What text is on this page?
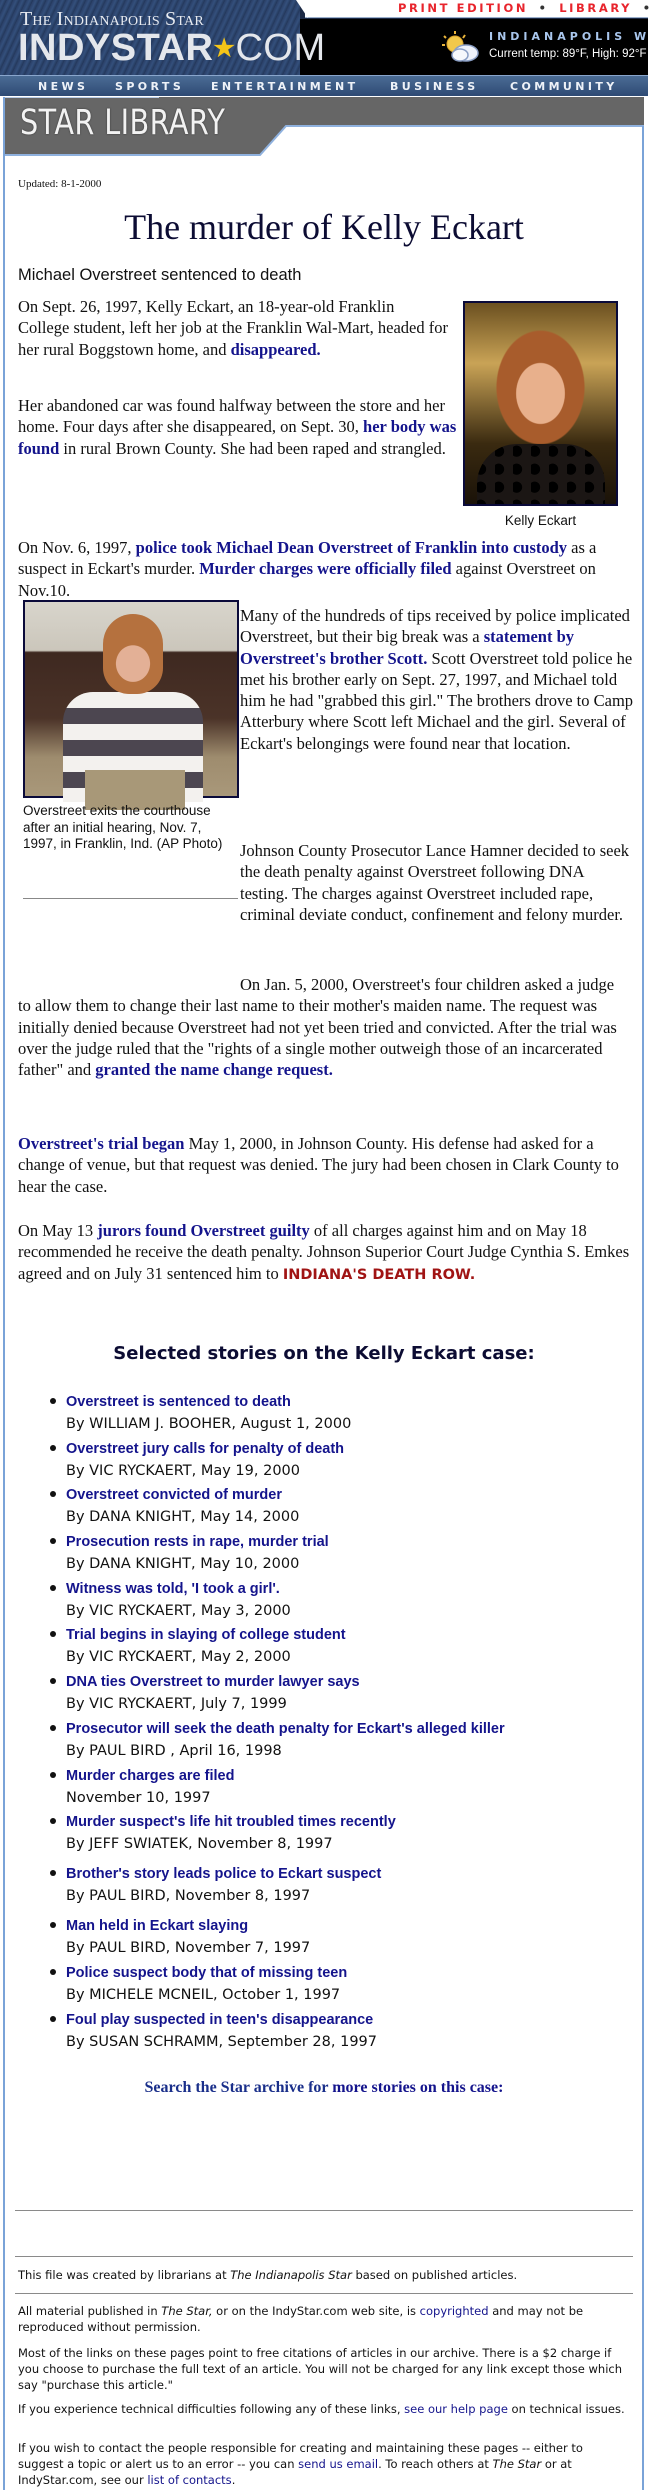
PRINT EDITION • LIBRARY •
The Indianapolis Star
INDYSTAR★COM	INDIANAPOLIS W
Current temp: 89°F, High: 92°F
NEWS SPORTS ENTERTAINMENT	BUSINESS	COMMUNITY
STAR LIBRARY
Updated: 8-1-2000
The murder of Kelly Eckart
Michael Overstreet sentenced to death

On Sept. 26, 1997, Kelly Eckart, an 18-year-old Franklin College student, left her job at the Franklin Wal-Mart, headed for her rural Boggstown home, and disappeared.

Her abandoned car was found halfway between the store and her home. Four days after she disappeared, on Sept. 30, her body was found in rural Brown County. She had been raped and strangled.

Kelly Eckart

On Nov. 6, 1997, police took Michael Dean Overstreet of Franklin into custody as a suspect in Eckart's murder. Murder charges were officially filed against Overstreet on Nov.10.

Overstreet exits the courthouse after an initial hearing, Nov. 7, 1997, in Franklin, Ind. (AP Photo)

Many of the hundreds of tips received by police implicated Overstreet, but their big break was a statement by Overstreet's brother Scott. Scott Overstreet told police he met his brother early on Sept. 27, 1997, and Michael told him he had "grabbed this girl." The brothers drove to Camp Atterbury where Scott left Michael and the girl. Several of Eckart's belongings were found near that location.

Johnson County Prosecutor Lance Hamner decided to seek the death penalty against Overstreet following DNA testing. The charges against Overstreet included rape, criminal deviate conduct, confinement and felony murder.

On Jan. 5, 2000, Overstreet's four children asked a judge to allow them to change their last name to their mother's maiden name. The request was initially denied because Overstreet had not yet been tried and convicted. After the trial was over the judge ruled that the "rights of a single mother outweigh those of an incarcerated father" and granted the name change request.

Overstreet's trial began May 1, 2000, in Johnson County. His defense had asked for a change of venue, but that request was denied. The jury had been chosen in Clark County to hear the case.

On May 13 jurors found Overstreet guilty of all charges against him and on May 18 recommended he receive the death penalty. Johnson Superior Court Judge Cynthia S. Emkes agreed and on July 31 sentenced him to INDIANA'S DEATH ROW.

Selected stories on the Kelly Eckart case:
Overstreet is sentenced to death
By WILLIAM J. BOOHER, August 1, 2000
Overstreet jury calls for penalty of death
By VIC RYCKAERT, May 19, 2000
Overstreet convicted of murder
By DANA KNIGHT, May 14, 2000
Prosecution rests in rape, murder trial
By DANA KNIGHT, May 10, 2000
Witness was told, 'I took a girl'.
By VIC RYCKAERT, May 3, 2000
Trial begins in slaying of college student
By VIC RYCKAERT, May 2, 2000
DNA ties Overstreet to murder lawyer says
By VIC RYCKAERT, July 7, 1999
Prosecutor will seek the death penalty for Eckart's alleged killer
By PAUL BIRD , April 16, 1998
Murder charges are filed
November 10, 1997
Murder suspect's life hit troubled times recently
By JEFF SWIATEK, November 8, 1997
Brother's story leads police to Eckart suspect
By PAUL BIRD, November 8, 1997
Man held in Eckart slaying
By PAUL BIRD, November 7, 1997
Police suspect body that of missing teen
By MICHELE MCNEIL, October 1, 1997
Foul play suspected in teen's disappearance
By SUSAN SCHRAMM, September 28, 1997
Search the Star archive for more stories on this case:
This file was created by librarians at The Indianapolis Star based on published articles.
All material published in The Star, or on the IndyStar.com web site, is copyrighted and may not be reproduced without permission.
Most of the links on these pages point to free citations of articles in our archive. There is a $2 charge if you choose to purchase the full text of an article. You will not be charged for any link except those which say "purchase this article."
If you experience technical difficulties following any of these links, see our help page on technical issues.
If you wish to contact the people responsible for creating and maintaining these pages -- either to suggest a topic or alert us to an error -- you can send us email. To reach others at The Star or at IndyStar.com, see our list of contacts.
